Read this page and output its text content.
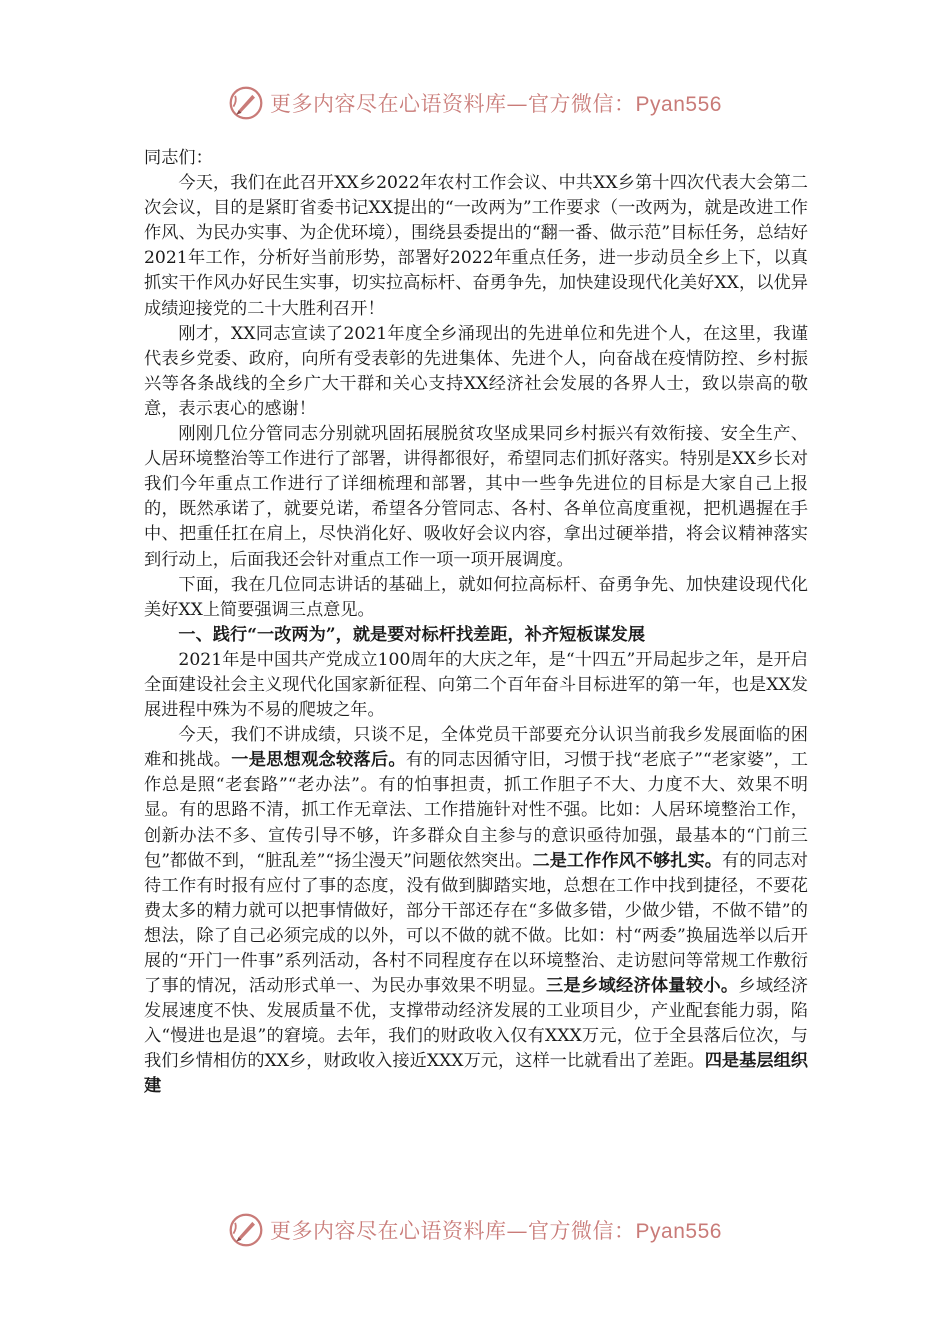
更多内容尽在心语资料库—官方微信：Pyan556

同志们：

今天，我们在此召开XX乡2022年农村工作会议、中共XX乡第十四次代表大会第二次会议，目的是紧盯省委书记XX提出的“一改两为”工作要求（一改两为，就是改进工作作风、为民办实事、为企优环境），围绕县委提出的“翻一番、做示范”目标任务，总结好2021年工作，分析好当前形势，部署好2022年重点任务，进一步动员全乡上下，以真抓实干作风办好民生实事，切实拉高标杆、奋勇争先，加快建设现代化美好XX，以优异成绩迎接党的二十大胜利召开！

刚才，XX同志宣读了2021年度全乡涌现出的先进单位和先进个人，在这里，我谨代表乡党委、政府，向所有受表彰的先进集体、先进个人，向奋战在疫情防控、乡村振兴等各条战线的全乡广大干群和关心支持XX经济社会发展的各界人士，致以崇高的敬意，表示衷心的感谢！

刚刚几位分管同志分别就巩固拓展脱贫攻坚成果同乡村振兴有效衔接、安全生产、人居环境整治等工作进行了部署，讲得都很好，希望同志们抓好落实。特别是XX乡长对我们今年重点工作进行了详细梳理和部署，其中一些争先进位的目标是大家自己上报的，既然承诺了，就要兑诺，希望各分管同志、各村、各单位高度重视，把机遇握在手中、把重任扛在肩上，尽快消化好、吸收好会议内容，拿出过硬举措，将会议精神落实到行动上，后面我还会针对重点工作一项一项开展调度。

下面，我在几位同志讲话的基础上，就如何拉高标杆、奋勇争先、加快建设现代化美好XX上简要强调三点意见。

一、践行“一改两为”，就是要对标杆找差距，补齐短板谋发展

2021年是中国共产党成立100周年的大庆之年，是“十四五”开局起步之年，是开启全面建设社会主义现代化国家新征程、向第二个百年奋斗目标进军的第一年，也是XX发展进程中殊为不易的爬坡之年。

今天，我们不讲成绩，只谈不足，全体党员干部要充分认识当前我乡发展面临的困难和挑战。一是思想观念较落后。有的同志因循守旧，习惯于找“老底子”“老家婆”，工作总是照“老套路”“老办法”。有的怕事担责，抓工作胆子不大、力度不大、效果不明显。有的思路不清，抓工作无章法、工作措施针对性不强。比如：人居环境整治工作，创新办法不多、宣传引导不够，许多群众自主参与的意识亟待加强，最基本的“门前三包”都做不到，“脏乱差”“扬尘漫天”问题依然突出。二是工作作风不够扎实。有的同志对待工作有时报有应付了事的态度，没有做到脚踏实地，总想在工作中找到捷径，不要花费太多的精力就可以把事情做好，部分干部还存在“多做多错，少做少错，不做不错”的想法，除了自己必须完成的以外，可以不做的就不做。比如：村“两委”换届选举以后开展的“开门一件事”系列活动，各村不同程度存在以环境整治、走访慰问等常规工作敷衍了事的情况，活动形式单一、为民办事效果不明显。三是乡域经济体量较小。乡域经济发展速度不快、发展质量不优，支撑带动经济发展的工业项目少，产业配套能力弱，陷入“慢进也是退”的窘境。去年，我们的财政收入仅有XXX万元，位于全县落后位次，与我们乡情相仿的XX乡，财政收入接近XXX万元，这样一比就看出了差距。四是基层组织建

更多内容尽在心语资料库—官方微信：Pyan556
